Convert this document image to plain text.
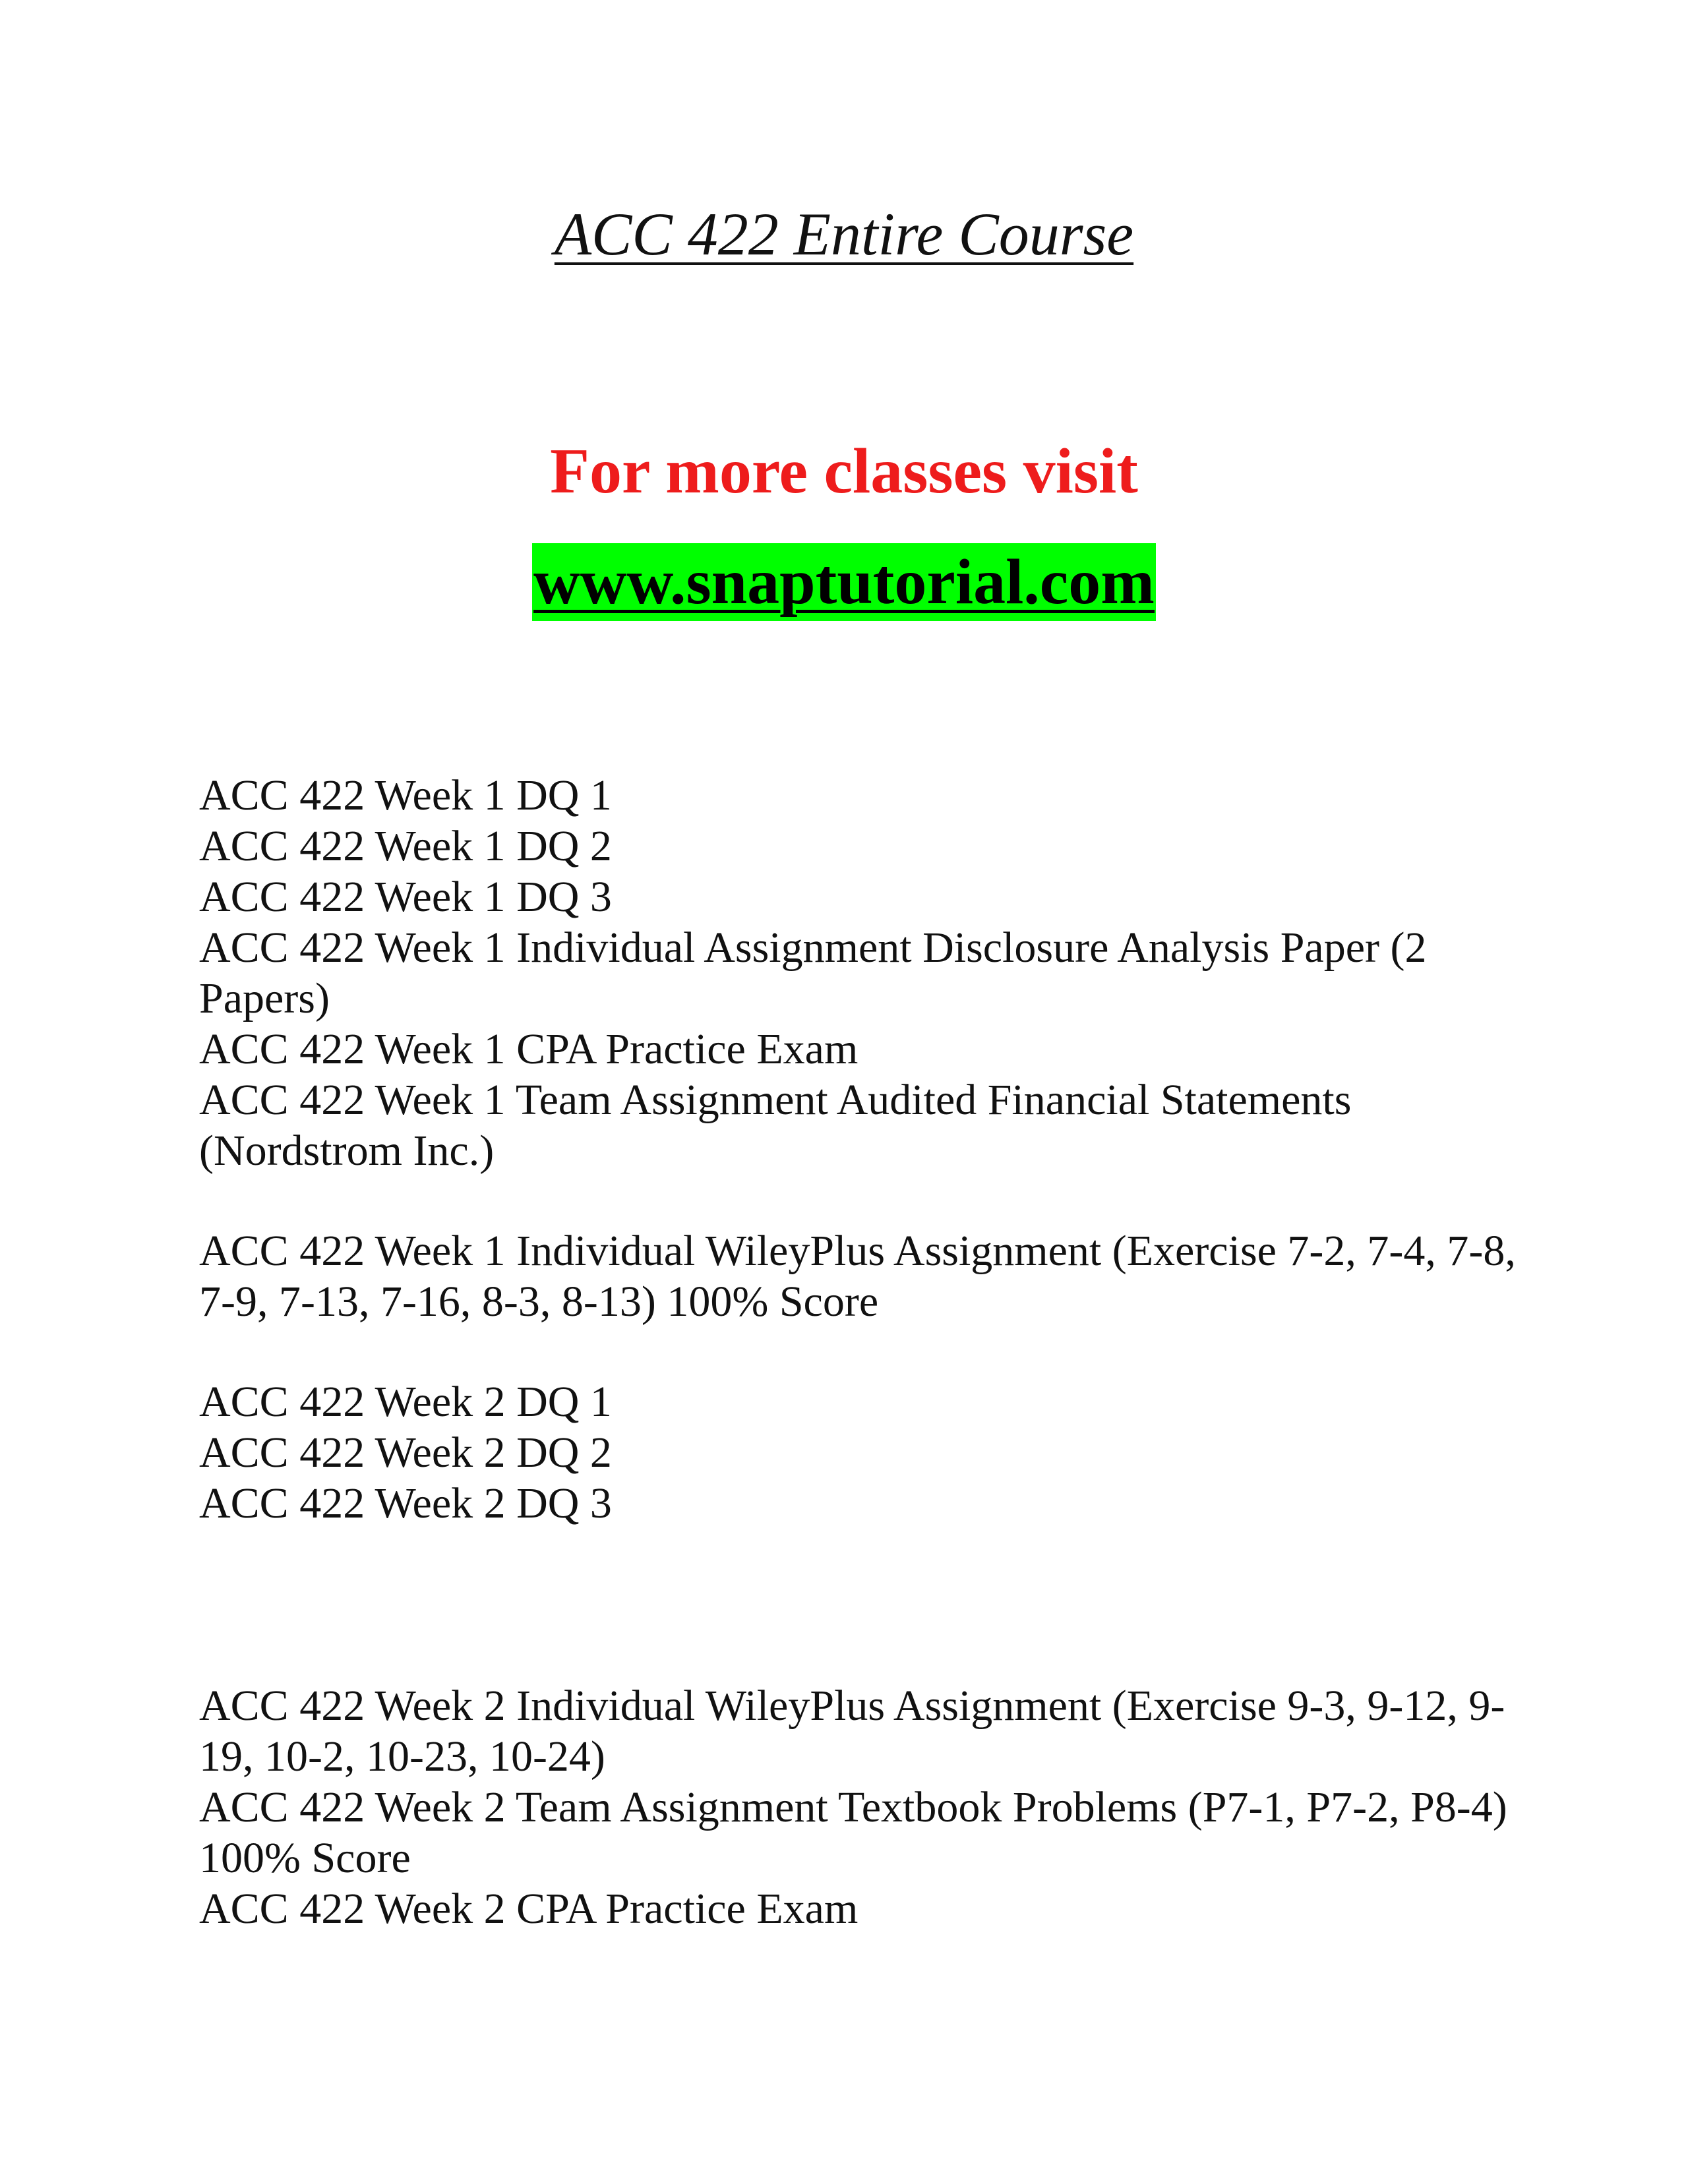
ACC 422 Entire Course

For more classes visit

www.snaptutorial.com
ACC 422 Week 1 DQ 1
ACC 422 Week 1 DQ 2
ACC 422 Week 1 DQ 3
ACC 422 Week 1 Individual Assignment Disclosure Analysis Paper (2 Papers)
ACC 422 Week 1 CPA Practice Exam
ACC 422 Week 1 Team Assignment Audited Financial Statements (Nordstrom Inc.)
ACC 422 Week 1 Individual WileyPlus Assignment (Exercise 7-2, 7-4, 7-8, 7-9, 7-13, 7-16, 8-3, 8-13) 100% Score
ACC 422 Week 2 DQ 1
ACC 422 Week 2 DQ 2
ACC 422 Week 2 DQ 3
ACC 422 Week 2 Individual WileyPlus Assignment (Exercise 9-3, 9-12, 9-19, 10-2, 10-23, 10-24)
ACC 422 Week 2 Team Assignment Textbook Problems (P7-1, P7-2, P8-4) 100% Score
ACC 422 Week 2 CPA Practice Exam
